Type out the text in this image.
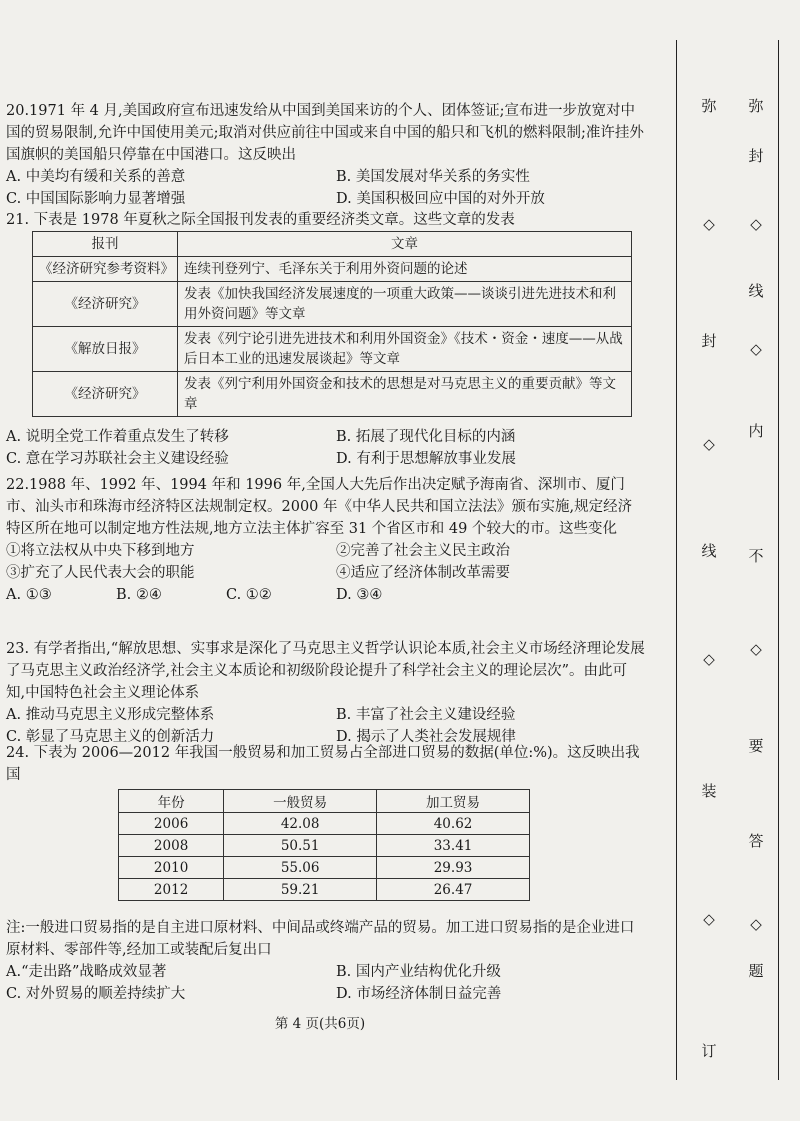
20.1971 年 4 月,美国政府宣布迅速发给从中国到美国来访的个人、团体签证;宣布进一步放宽对中国的贸易限制,允许中国使用美元;取消对供应前往中国或来自中国的船只和飞机的燃料限制;准许挂外国旗帜的美国船只停靠在中国港口。这反映出

A. 中美均有缓和关系的善意	B. 美国发展对华关系的务实性
C. 中国国际影响力显著增强	D. 美国积极回应中国的对外开放

21. 下表是 1978 年夏秋之际全国报刊发表的重要经济类文章。这些文章的发表

报刊	文章
《经济研究参考资料》	连续刊登列宁、毛泽东关于利用外资问题的论述
《经济研究》	发表《加快我国经济发展速度的一项重大政策——谈谈引进先进技术和利用外资问题》等文章
《解放日报》	发表《列宁论引进先进技术和利用外国资金》《技术・资金・速度——从战后日本工业的迅速发展谈起》等文章
《经济研究》	发表《列宁利用外国资金和技术的思想是对马克思主义的重要贡献》等文章
A. 说明全党工作着重点发生了转移	B. 拓展了现代化目标的内涵
C. 意在学习苏联社会主义建设经验	D. 有利于思想解放事业发展

22.1988 年、1992 年、1994 年和 1996 年,全国人大先后作出决定赋予海南省、深圳市、厦门市、汕头市和珠海市经济特区法规制定权。2000 年《中华人民共和国立法法》颁布实施,规定经济特区所在地可以制定地方性法规,地方立法主体扩容至 31 个省区市和 49 个较大的市。这些变化

①将立法权从中央下移到地方	②完善了社会主义民主政治
③扩充了人民代表大会的职能	④适应了经济体制改革需要
A. ①③	B. ②④	C. ①②	D. ③④

23. 有学者指出,“解放思想、实事求是深化了马克思主义哲学认识论本质,社会主义市场经济理论发展了马克思主义政治经济学,社会主义本质论和初级阶段论提升了科学社会主义的理论层次”。由此可知,中国特色社会主义理论体系

A. 推动马克思主义形成完整体系	B. 丰富了社会主义建设经验
C. 彰显了马克思主义的创新活力	D. 揭示了人类社会发展规律

24. 下表为 2006—2012 年我国一般贸易和加工贸易占全部进口贸易的数据(单位:%)。这反映出我国

年份	一般贸易	加工贸易
2006	42.08	40.62
2008	50.51	33.41
2010	55.06	29.93
2012	59.21	26.47

注:一般进口贸易指的是自主进口原材料、中间品或终端产品的贸易。加工进口贸易指的是企业进口原材料、零部件等,经加工或装配后复出口

A.“走出路”战略成效显著	B. 国内产业结构优化升级
C. 对外贸易的顺差持续扩大	D. 市场经济体制日益完善
第 4 页(共6页)
弥
封
线
装
订
弥
封
◇
线
◇
内
不
◇
要
答
◇
题
◇
◇
◇
◇
